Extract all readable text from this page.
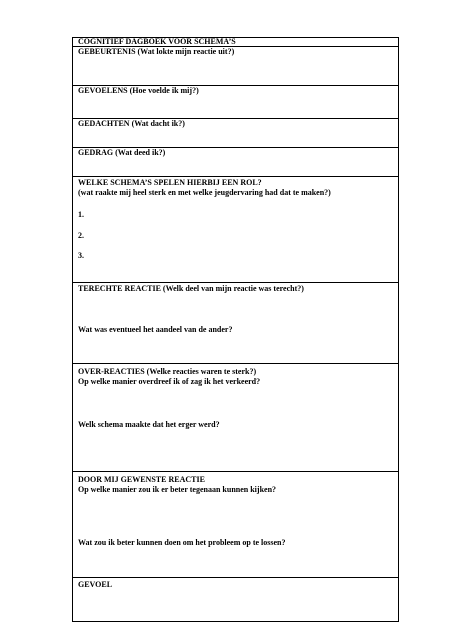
COGNITIEF DAGBOEK VOOR SCHEMA’S
GEBEURTENIS (Wat lokte mijn reactie uit?)
GEVOELENS (Hoe voelde ik mij?)
GEDACHTEN (Wat dacht ik?)
GEDRAG (Wat deed ik?)
WELKE SCHEMA’S SPELEN HIERBIJ EEN ROL?
(wat raakte mij heel sterk en met welke jeugdervaring had dat te maken?)
1.
2.
3.
TERECHTE REACTIE (Welk deel van mijn reactie was terecht?)
Wat was eventueel het aandeel van de ander?
OVER-REACTIES (Welke reacties waren te sterk?)
Op welke manier overdreef ik of zag ik het verkeerd?
Welk schema maakte dat het erger werd?
DOOR MIJ GEWENSTE REACTIE
Op welke manier zou ik er beter tegenaan kunnen kijken?
Wat zou ik beter kunnen doen om het probleem op te lossen?
GEVOEL
